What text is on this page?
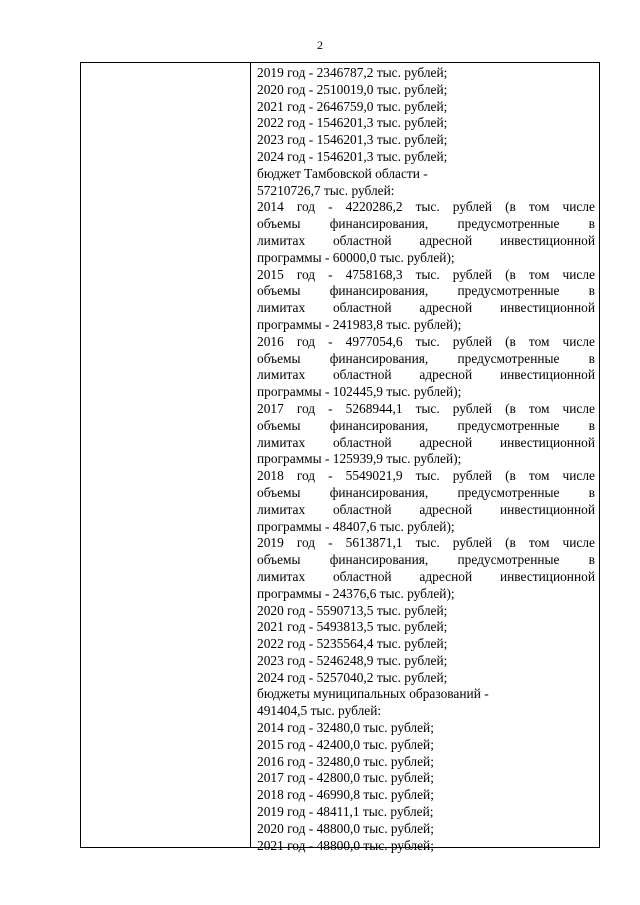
2
2019 год - 2346787,2 тыс. рублей;
2020 год - 2510019,0 тыс. рублей;
2021 год - 2646759,0 тыс. рублей;
2022 год - 1546201,3 тыс. рублей;
2023 год - 1546201,3 тыс. рублей;
2024 год - 1546201,3 тыс. рублей;
бюджет Тамбовской области -
57210726,7 тыс. рублей:
2014 год - 4220286,2 тыс. рублей (в том числе
объемы финансирования, предусмотренные в
лимитах областной адресной инвестиционной
программы - 60000,0 тыс. рублей);
2015 год - 4758168,3 тыс. рублей (в том числе
объемы финансирования, предусмотренные в
лимитах областной адресной инвестиционной
программы - 241983,8 тыс. рублей);
2016 год - 4977054,6 тыс. рублей (в том числе
объемы финансирования, предусмотренные в
лимитах областной адресной инвестиционной
программы - 102445,9 тыс. рублей);
2017 год - 5268944,1 тыс. рублей (в том числе
объемы финансирования, предусмотренные в
лимитах областной адресной инвестиционной
программы - 125939,9 тыс. рублей);
2018 год - 5549021,9 тыс. рублей (в том числе
объемы финансирования, предусмотренные в
лимитах областной адресной инвестиционной
программы - 48407,6 тыс. рублей);
2019 год - 5613871,1 тыс. рублей (в том числе
объемы финансирования, предусмотренные в
лимитах областной адресной инвестиционной
программы - 24376,6 тыс. рублей);
2020 год - 5590713,5 тыс. рублей;
2021 год - 5493813,5 тыс. рублей;
2022 год - 5235564,4 тыс. рублей;
2023 год - 5246248,9 тыс. рублей;
2024 год - 5257040,2 тыс. рублей;
бюджеты муниципальных образований -
491404,5 тыс. рублей:
2014 год - 32480,0 тыс. рублей;
2015 год - 42400,0 тыс. рублей;
2016 год - 32480,0 тыс. рублей;
2017 год - 42800,0 тыс. рублей;
2018 год - 46990,8 тыс. рублей;
2019 год - 48411,1 тыс. рублей;
2020 год - 48800,0 тыс. рублей;
2021 год - 48800,0 тыс. рублей;
